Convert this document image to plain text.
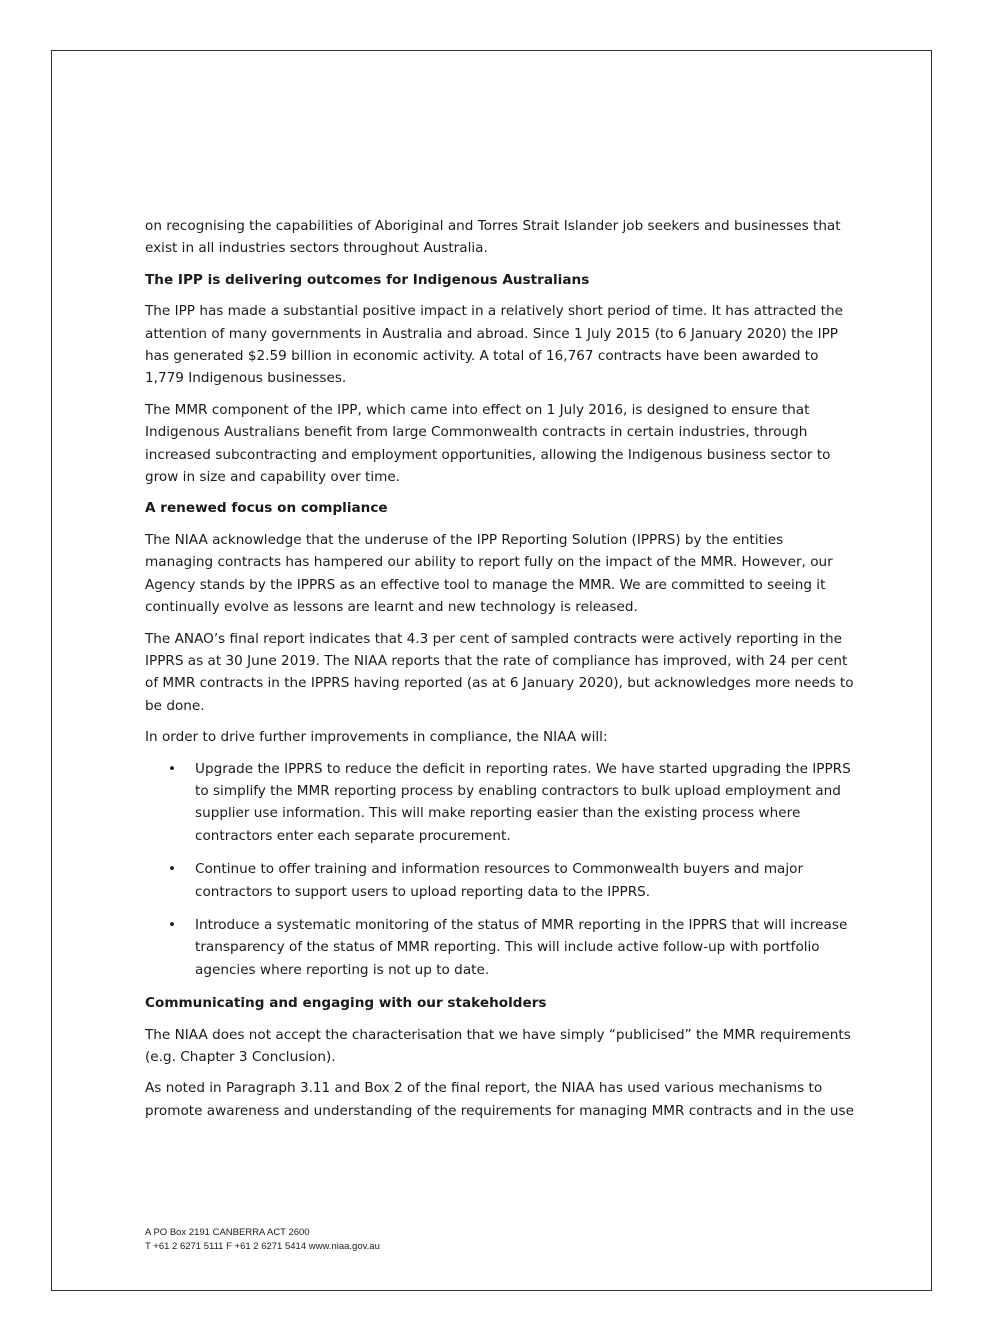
on recognising the capabilities of Aboriginal and Torres Strait Islander job seekers and businesses that exist in all industries sectors throughout Australia.

The IPP is delivering outcomes for Indigenous Australians

The IPP has made a substantial positive impact in a relatively short period of time. It has attracted the attention of many governments in Australia and abroad. Since 1 July 2015 (to 6 January 2020) the IPP has generated $2.59 billion in economic activity. A total of 16,767 contracts have been awarded to 1,779 Indigenous businesses.

The MMR component of the IPP, which came into effect on 1 July 2016, is designed to ensure that Indigenous Australians benefit from large Commonwealth contracts in certain industries, through increased subcontracting and employment opportunities, allowing the Indigenous business sector to grow in size and capability over time.

A renewed focus on compliance

The NIAA acknowledge that the underuse of the IPP Reporting Solution (IPPRS) by the entities managing contracts has hampered our ability to report fully on the impact of the MMR. However, our Agency stands by the IPPRS as an effective tool to manage the MMR. We are committed to seeing it continually evolve as lessons are learnt and new technology is released.

The ANAO’s final report indicates that 4.3 per cent of sampled contracts were actively reporting in the IPPRS as at 30 June 2019. The NIAA reports that the rate of compliance has improved, with 24 per cent of MMR contracts in the IPPRS having reported (as at 6 January 2020), but acknowledges more needs to be done.

In order to drive further improvements in compliance, the NIAA will:

• Upgrade the IPPRS to reduce the deficit in reporting rates. We have started upgrading the IPPRS to simplify the MMR reporting process by enabling contractors to bulk upload employment and supplier use information. This will make reporting easier than the existing process where contractors enter each separate procurement.
• Continue to offer training and information resources to Commonwealth buyers and major contractors to support users to upload reporting data to the IPPRS.
• Introduce a systematic monitoring of the status of MMR reporting in the IPPRS that will increase transparency of the status of MMR reporting. This will include active follow-up with portfolio agencies where reporting is not up to date.
Communicating and engaging with our stakeholders

The NIAA does not accept the characterisation that we have simply “publicised” the MMR requirements (e.g. Chapter 3 Conclusion).

As noted in Paragraph 3.11 and Box 2 of the final report, the NIAA has used various mechanisms to promote awareness and understanding of the requirements for managing MMR contracts and in the use

A PO Box 2191 CANBERRA ACT 2600
T +61 2 6271 5111 F +61 2 6271 5414 www.niaa.gov.au
